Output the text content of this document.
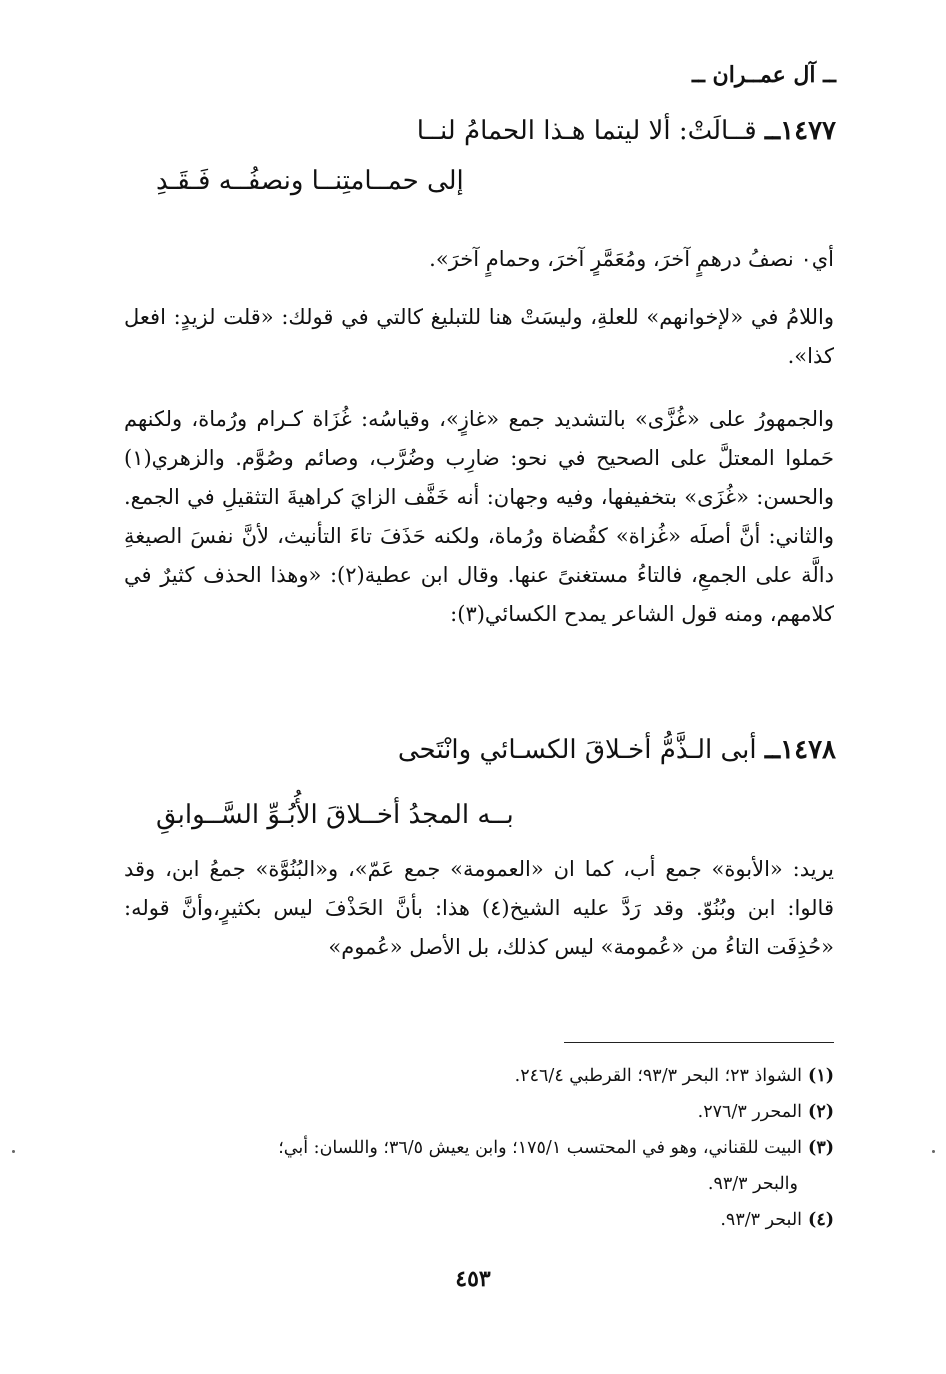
ــ آل عمــران ــ
١٤٧٧ــ قــالَتْ: ألا ليتما هـذا الحمامُ لنــا
إلى حمــامتِنــا ونصفُــه فَـقَـدِ
أي٠ نصفُ درهمٍ آخرَ، ومُعَمَّرٍ آخرَ، وحمامٍ آخرَ».
واللامُ في «لإخوانهم» للعلةِ، وليسَتْ هنا للتبليغ كالتي في قولك: «قلت لزيدٍ: افعل كذا».
والجمهورُ على «غُزَّى» بالتشديد جمع «غازٍ»، وقياسُه: غُزَاة كـرام ورُماة، ولكنهم حَملوا المعتلَّ على الصحيح في نحو: ضارِب وضُرَّب، وصائم وصُوَّم. والزهري(١) والحسن: «غُزَى» بتخفيفها، وفيه وجهان: أنه خَفَّف الزايَ كراهيةَ التثقيلِ في الجمع. والثاني: أنَّ أصلَه «غُزاة» كقُضاة ورُماة، ولكنه حَذَفَ تاءَ التأنيث، لأنَّ نفسَ الصيغةِ دالَّة على الجمعِ، فالتاءُ مستغنىً عنها. وقال ابن عطية(٢): «وهذا الحذف كثيرٌ في كلامهم، ومنه قول الشاعر يمدح الكسائي(٣):
١٤٧٨ــ أبى الـذَّمُّ أخـلاقَ الكسـائي وانْتَحى
بــه المجدُ أخــلاقَ الأُبُـوِّ السَّــوابقِ
يريد: «الأبوة» جمع أب، كما ان «العمومة» جمع عَمّ»، و«البُنُوَّة» جمعُ ابن، وقد قالوا: ابن وبُنُوّ. وقد رَدَّ عليه الشيخ(٤) هذا: بأنَّ الحَذْفَ ليس بكثيرٍ،وأنَّ قوله: «حُذِفَت التاءُ من «عُمومة» ليس كذلك، بل الأصل «عُموم»
(١)الشواذ ٢٣؛ البحر ٩٣/٣؛ القرطبي ٢٤٦/٤.
(٢)المحرر ٢٧٦/٣.
(٣)البيت للقناني، وهو في المحتسب ١٧٥/١؛ وابن يعيش ٣٦/٥؛ واللسان: أبي؛
والبحر ٩٣/٣.
(٤)البحر ٩٣/٣.
٤٥٣
